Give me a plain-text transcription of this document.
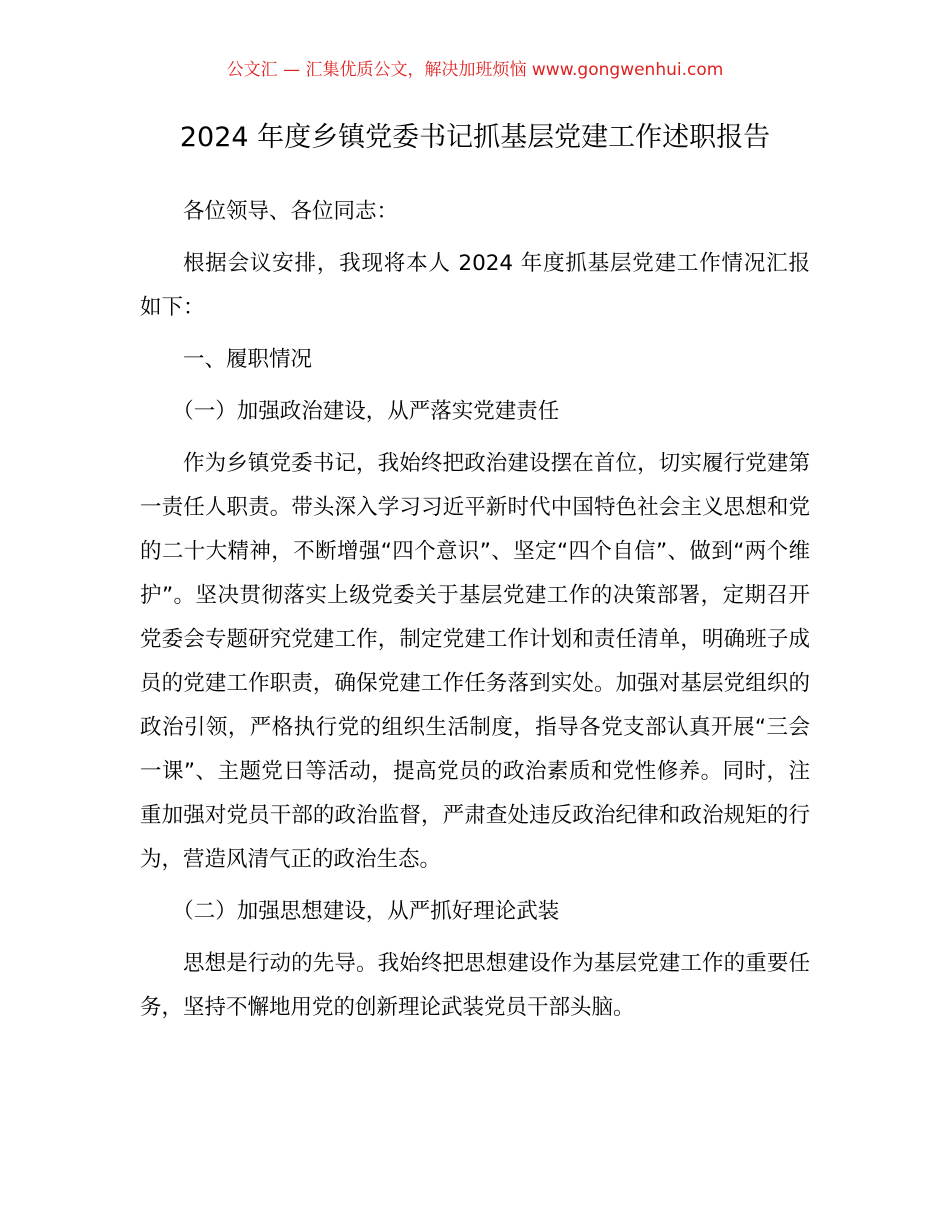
公文汇 — 汇集优质公文，解决加班烦恼 www.gongwenhui.com
2024 年度乡镇党委书记抓基层党建工作述职报告

各位领导、各位同志：

根据会议安排，我现将本人 2024 年度抓基层党建工作情况汇报如下：

一、履职情况

（一）加强政治建设，从严落实党建责任

作为乡镇党委书记，我始终把政治建设摆在首位，切实履行党建第一责任人职责。带头深入学习习近平新时代中国特色社会主义思想和党的二十大精神，不断增强“四个意识”、坚定“四个自信”、做到“两个维护”。坚决贯彻落实上级党委关于基层党建工作的决策部署，定期召开党委会专题研究党建工作，制定党建工作计划和责任清单，明确班子成员的党建工作职责，确保党建工作任务落到实处。加强对基层党组织的政治引领，严格执行党的组织生活制度，指导各党支部认真开展“三会一课”、主题党日等活动，提高党员的政治素质和党性修养。同时，注重加强对党员干部的政治监督，严肃查处违反政治纪律和政治规矩的行为，营造风清气正的政治生态。

（二）加强思想建设，从严抓好理论武装

思想是行动的先导。我始终把思想建设作为基层党建工作的重要任务，坚持不懈地用党的创新理论武装党员干部头脑。
